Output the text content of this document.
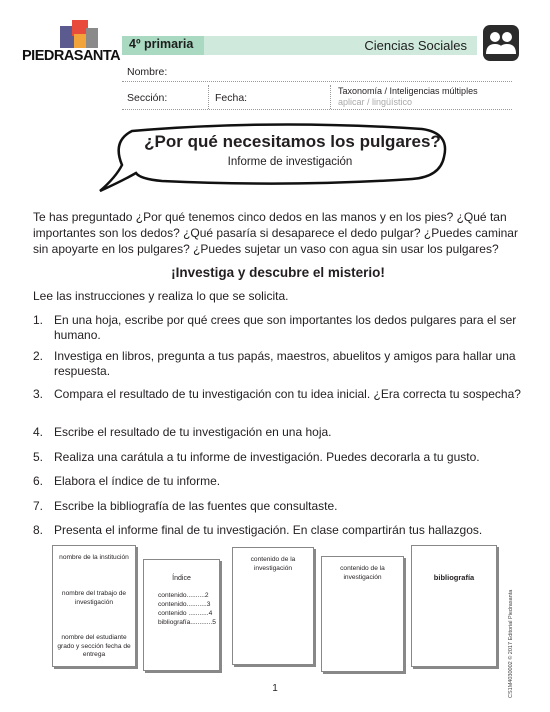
PIEDRASANTA
4º primaria	Ciencias Sociales
Nombre:
Sección:	Fecha:
Taxonomía / Inteligencias múltiples
aplicar / lingüístico
¿Por qué necesitamos los pulgares?
Informe de investigación
Te has preguntado ¿Por qué tenemos cinco dedos en las manos y en los pies? ¿Qué tan importantes son los dedos? ¿Qué pasaría si desaparece el dedo pulgar? ¿Puedes caminar sin apoyarte en los pulgares? ¿Puedes sujetar un vaso con agua sin usar los pulgares?
¡Investiga y descubre el misterio!
Lee las instrucciones y realiza lo que se solicita.
1. En una hoja, escribe por qué crees que son importantes los dedos pulgares para el ser humano.
2. Investiga en libros, pregunta a tus papás, maestros, abuelitos y amigos para hallar una respuesta.
3. Compara el resultado de tu investigación con tu idea inicial. ¿Era correcta tu sospecha?
4. Escribe el resultado de tu investigación en una hoja.
5. Realiza una carátula a tu informe de investigación. Puedes decorarla a tu gusto.
6. Elabora el índice de tu informe.
7. Escribe la bibliografía de las fuentes que consultaste.
8. Presenta el informe final de tu investigación. En clase compartirán tus hallazgos.
nombre de la institución
nombre del trabajo de investigación
nombre del estudiante grado y sección fecha de entrega
Índice
contenido..........2
contenido...........3
contenido ...........4
bibliografía............5
contenido de la investigación	contenido de la investigación	bibliografía
CS1M4030002 © 2017 Editorial Piedrasanta
1
